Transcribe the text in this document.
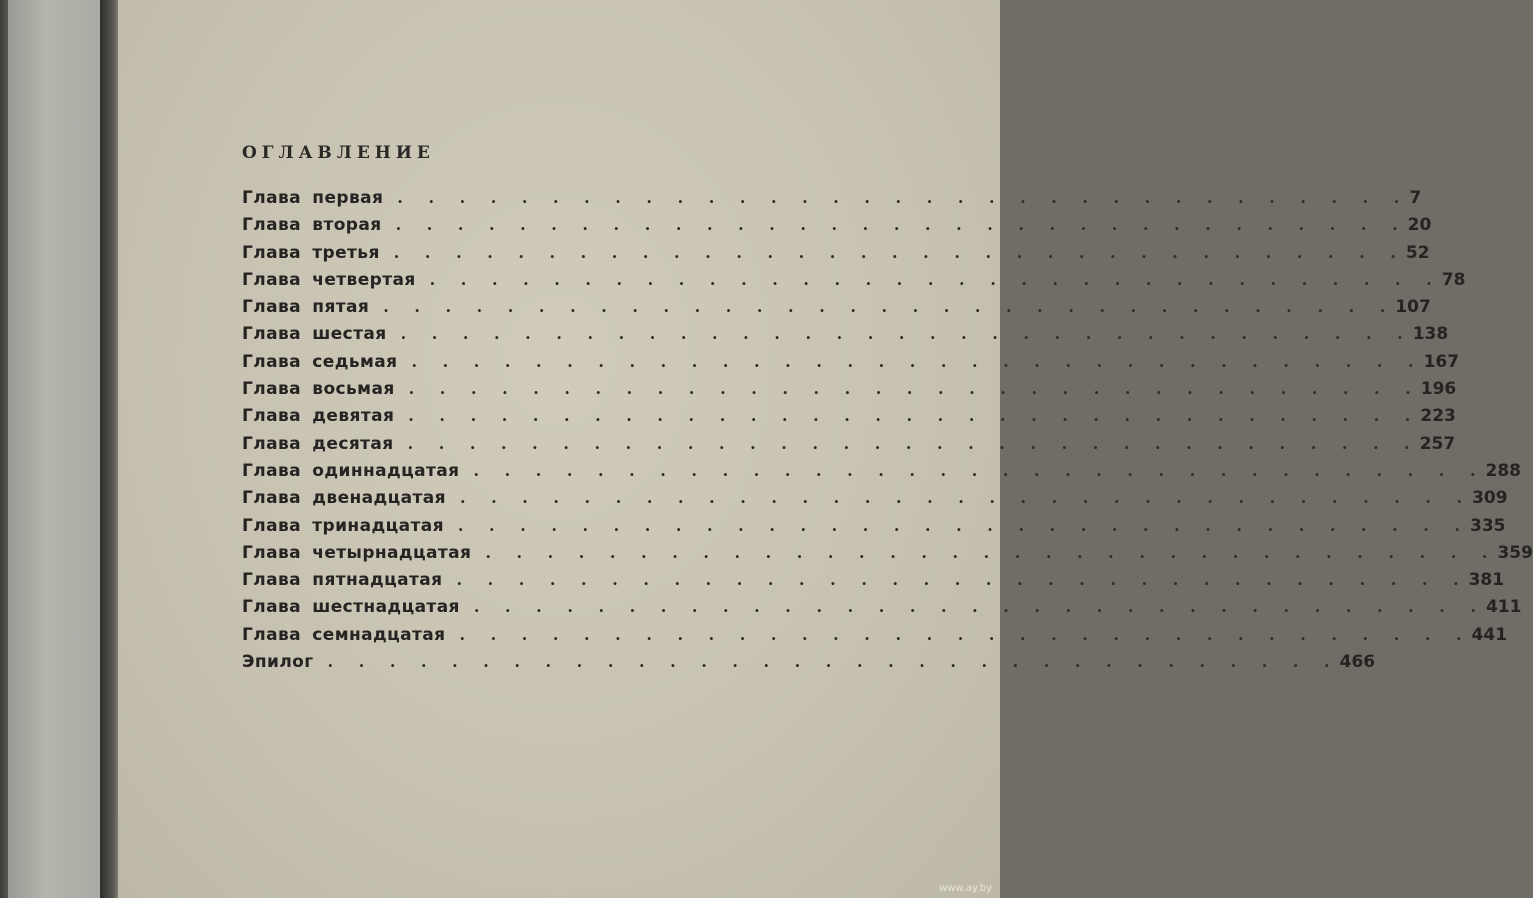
ОГЛАВЛЕНИЕ
Глава первая . . . . . . . . . . . . . . . . . . . . . . . . . . . . . . . . . 7
Глава вторая . . . . . . . . . . . . . . . . . . . . . . . . . . . . . . . . . 20
Глава третья . . . . . . . . . . . . . . . . . . . . . . . . . . . . . . . . . 52
Глава четвертая . . . . . . . . . . . . . . . . . . . . . . . . . . . . . . . . . 78
Глава пятая . . . . . . . . . . . . . . . . . . . . . . . . . . . . . . . . . 107
Глава шестая . . . . . . . . . . . . . . . . . . . . . . . . . . . . . . . . . 138
Глава седьмая . . . . . . . . . . . . . . . . . . . . . . . . . . . . . . . . . 167
Глава восьмая . . . . . . . . . . . . . . . . . . . . . . . . . . . . . . . . . 196
Глава девятая . . . . . . . . . . . . . . . . . . . . . . . . . . . . . . . . . 223
Глава десятая . . . . . . . . . . . . . . . . . . . . . . . . . . . . . . . . . 257
Глава одиннадцатая . . . . . . . . . . . . . . . . . . . . . . . . . . . . . . . . . 288
Глава двенадцатая . . . . . . . . . . . . . . . . . . . . . . . . . . . . . . . . . 309
Глава тринадцатая . . . . . . . . . . . . . . . . . . . . . . . . . . . . . . . . . 335
Глава четырнадцатая . . . . . . . . . . . . . . . . . . . . . . . . . . . . . . . . . 359
Глава пятнадцатая . . . . . . . . . . . . . . . . . . . . . . . . . . . . . . . . . 381
Глава шестнадцатая . . . . . . . . . . . . . . . . . . . . . . . . . . . . . . . . . 411
Глава семнадцатая . . . . . . . . . . . . . . . . . . . . . . . . . . . . . . . . . 441
Эпилог . . . . . . . . . . . . . . . . . . . . . . . . . . . . . . . . . 466
www.ay.by
